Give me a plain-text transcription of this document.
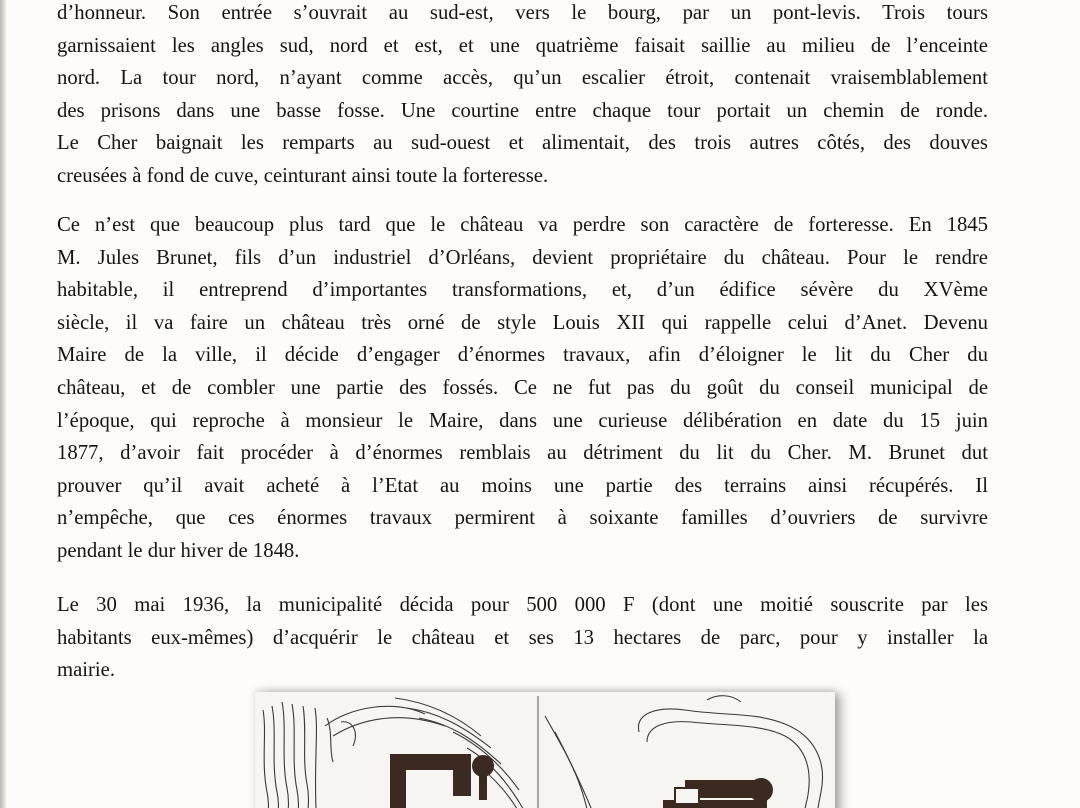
d’honneur. Son entrée s’ouvrait au sud-est, vers le bourg, par un pont-levis. Trois tours
garnissaient les angles sud, nord et est, et une quatrième faisait saillie au milieu de l’enceinte
nord. La tour nord, n’ayant comme accès, qu’un escalier étroit, contenait vraisemblablement
des prisons dans une basse fosse. Une courtine entre chaque tour portait un chemin de ronde.
Le Cher baignait les remparts au sud-ouest et alimentait, des trois autres côtés, des douves
creusées à fond de cuve, ceinturant ainsi toute la forteresse.

Ce n’est que beaucoup plus tard que le château va perdre son caractère de forteresse. En 1845
M. Jules Brunet, fils d’un industriel d’Orléans, devient propriétaire du château. Pour le rendre
habitable, il entreprend d’importantes transformations, et, d’un édifice sévère du XVème
siècle, il va faire un château très orné de style Louis XII qui rappelle celui d’Anet. Devenu
Maire de la ville, il décide d’engager d’énormes travaux, afin d’éloigner le lit du Cher du
château, et de combler une partie des fossés. Ce ne fut pas du goût du conseil municipal de
l’époque, qui reproche à monsieur le Maire, dans une curieuse délibération en date du 15 juin
1877, d’avoir fait procéder à d’énormes remblais au détriment du lit du Cher. M. Brunet dut
prouver qu’il avait acheté à l’Etat au moins une partie des terrains ainsi récupérés. Il
n’empêche, que ces énormes travaux permirent à soixante familles d’ouvriers de survivre
pendant le dur hiver de 1848.

Le 30 mai 1936, la municipalité décida pour 500 000 F (dont une moitié souscrite par les
habitants eux-mêmes) d’acquérir le château et ses 13 hectares de parc, pour y installer la
mairie.
